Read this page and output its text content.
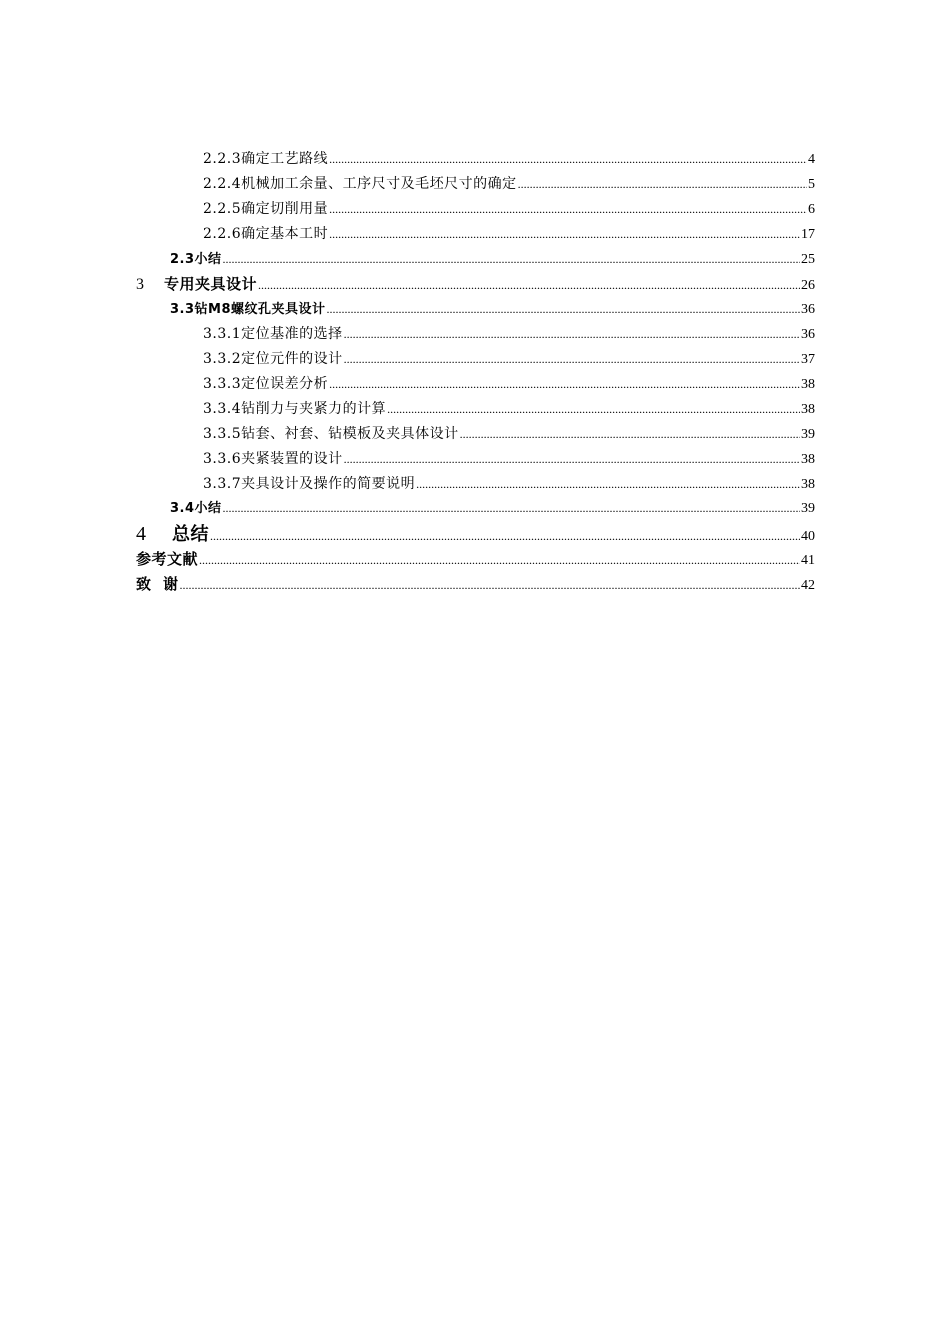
2.2.3确定工艺路线 .....	4
2.2.4机械加工余量、工序尺寸及毛坯尺寸的确定 .....	5
2.2.5确定切削用量 .....	6
2.2.6确定基本工时 .....	17
2.3小结 .....	25
3 专用夹具设计 .....	26
3.3钻M8螺纹孔夹具设计 .....	36
3.3.1定位基准的选择 .....	36
3.3.2定位元件的设计 .....	37
3.3.3定位误差分析 .....	38
3.3.4钻削力与夹紧力的计算 .....	38
3.3.5钻套、衬套、钻模板及夹具体设计 .....	39
3.3.6夹紧装置的设计 .....	38
3.3.7夹具设计及操作的简要说明 .....	38
3.4小结 .....	39
4 总结 .....	40
参考文献 .....	41
致  谢 .....	42
